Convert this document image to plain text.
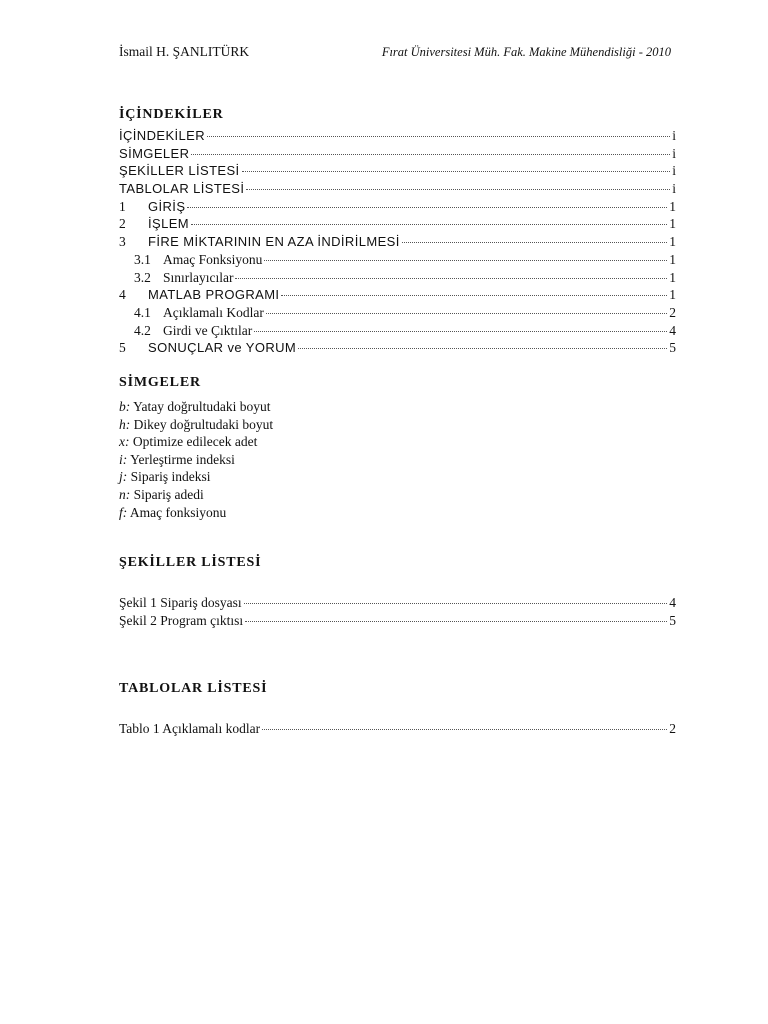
İsmail H. ŞANLITÜRK	Fırat Üniversitesi Müh. Fak. Makine Mühendisliği - 2010
İÇİNDEKİLER
İÇİNDEKİLER	i
SİMGELER	i
ŞEKİLLER LİSTESİ	i
TABLOLAR LİSTESİ	i
1	GİRİŞ	1
2	İŞLEM	1
3	FİRE MİKTARININ EN AZA İNDİRİLMESİ	1
3.1 Amaç Fonksiyonu	1
3.2 Sınırlayıcılar	1
4	MATLAB PROGRAMI	1
4.1 Açıklamalı Kodlar	2
4.2 Girdi ve Çıktılar	4
5	SONUÇLAR ve YORUM	5
SİMGELER
b: Yatay doğrultudaki boyut
h: Dikey doğrultudaki boyut
x: Optimize edilecek adet
i: Yerleştirme indeksi
j: Sipariş indeksi
n: Sipariş adedi
f: Amaç fonksiyonu
ŞEKİLLER LİSTESİ
Şekil 1 Sipariş dosyası	4
Şekil 2 Program çıktısı	5
TABLOLAR LİSTESİ
Tablo 1 Açıklamalı kodlar	2
